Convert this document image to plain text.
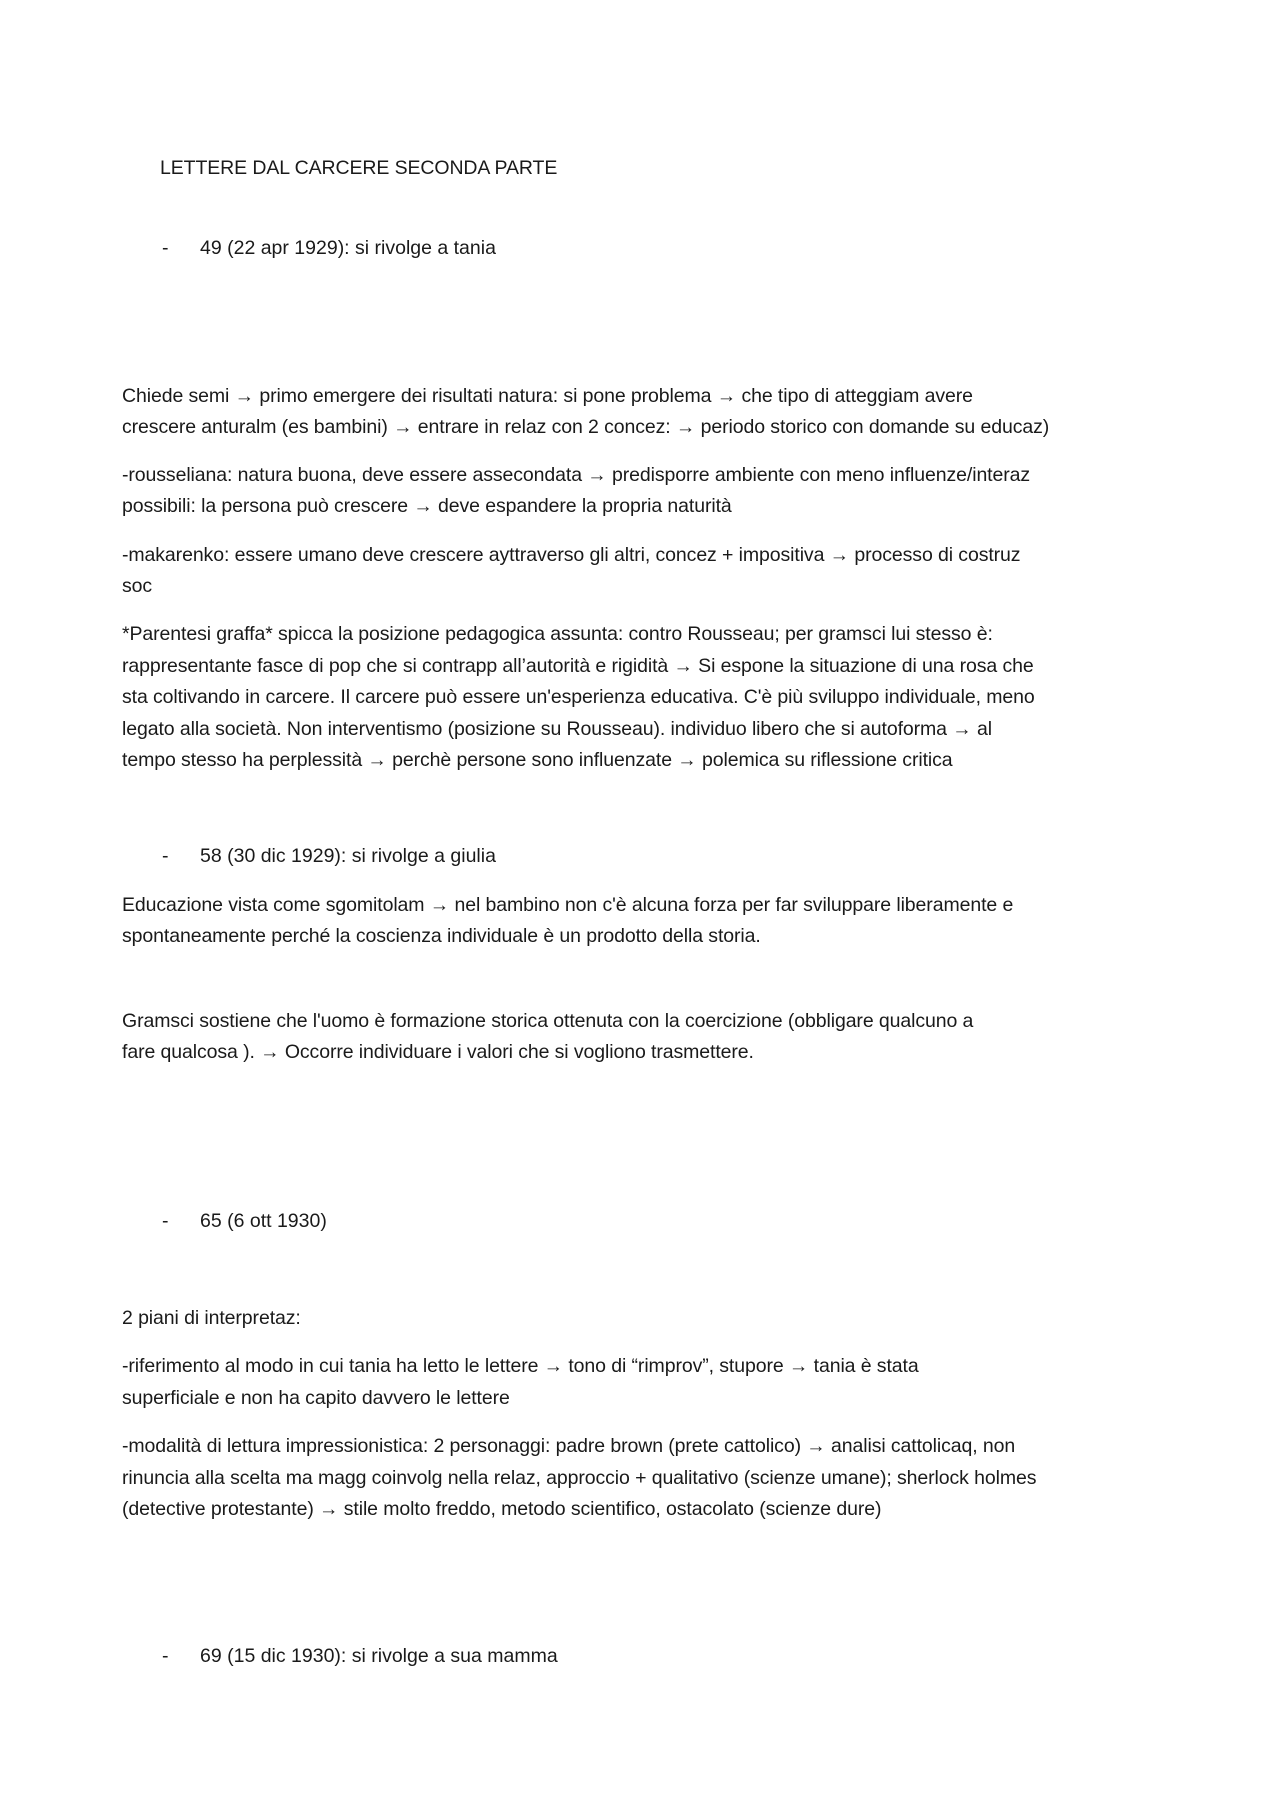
LETTERE DAL CARCERE SECONDA PARTE
- 49 (22 apr 1929): si rivolge a tania
Chiede semi → primo emergere dei risultati natura: si pone problema → che tipo di atteggiam avere
crescere anturalm (es bambini) → entrare in relaz con 2 concez: → periodo storico con domande su educaz)
-rousseliana: natura buona, deve essere assecondata → predisporre ambiente con meno influenze/interaz
possibili: la persona può crescere → deve espandere la propria naturità
-makarenko: essere umano deve crescere ayttraverso gli altri, concez + impositiva → processo di costruz
soc
*Parentesi graffa* spicca la posizione pedagogica assunta: contro Rousseau; per gramsci lui stesso è:
rappresentante fasce di pop che si contrapp all’autorità e rigidità → Si espone la situazione di una rosa che
sta coltivando in carcere. Il carcere può essere un'esperienza educativa. C'è più sviluppo individuale, meno
legato alla società. Non interventismo (posizione su Rousseau). individuo libero che si autoforma → al
tempo stesso ha perplessità → perchè persone sono influenzate → polemica su riflessione critica
- 58 (30 dic 1929): si rivolge a giulia
Educazione vista come sgomitolam → nel bambino non c'è alcuna forza per far sviluppare liberamente e
spontaneamente perché la coscienza individuale è un prodotto della storia.
Gramsci sostiene che l'uomo è formazione storica ottenuta con la coercizione (obbligare qualcuno a
fare qualcosa ). → Occorre individuare i valori che si vogliono trasmettere.
- 65 (6 ott 1930)
2 piani di interpretaz:
-riferimento al modo in cui tania ha letto le lettere → tono di “rimprov”, stupore → tania è stata
superficiale e non ha capito davvero le lettere
-modalità di lettura impressionistica: 2 personaggi: padre brown (prete cattolico) → analisi cattolicaq, non
rinuncia alla scelta ma magg coinvolg nella relaz, approccio + qualitativo (scienze umane); sherlock holmes
(detective protestante) → stile molto freddo, metodo scientifico, ostacolato (scienze dure)
- 69 (15 dic 1930): si rivolge a sua mamma
